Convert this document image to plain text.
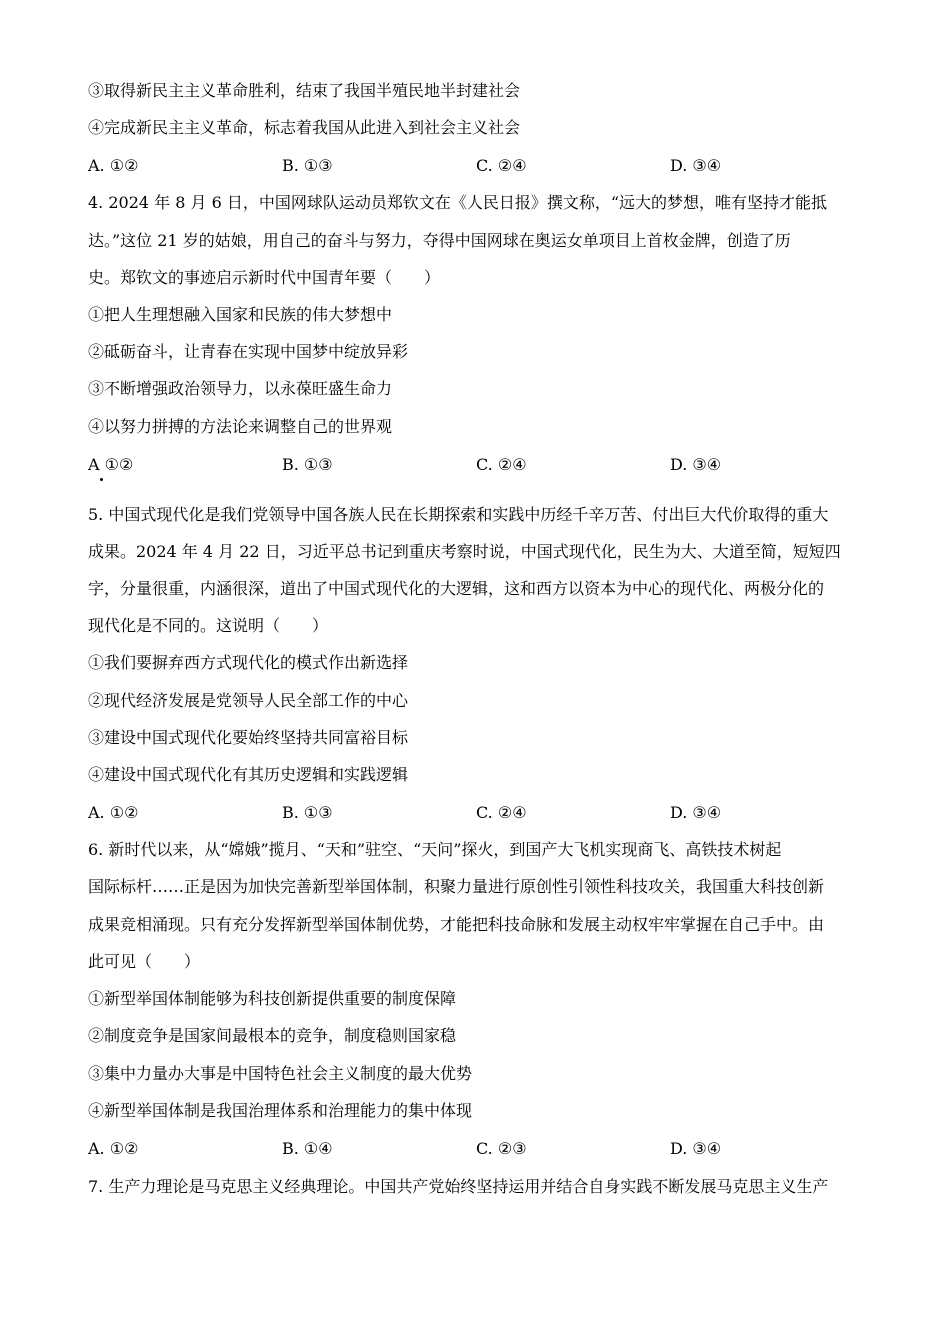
③取得新民主主义革命胜利，结束了我国半殖民地半封建社会
④完成新民主主义革命，标志着我国从此进入到社会主义社会
A. ①②	B. ①③	C. ②④	D. ③④
4. 2024 年 8 月 6 日，中国网球队运动员郑钦文在《人民日报》撰文称，“远大的梦想，唯有坚持才能抵
达。”这位 21 岁的姑娘，用自己的奋斗与努力，夺得中国网球在奥运女单项目上首枚金牌，创造了历
史。郑钦文的事迹启示新时代中国青年要（　　）
①把人生理想融入国家和民族的伟大梦想中
②砥砺奋斗，让青春在实现中国梦中绽放异彩
③不断增强政治领导力，以永葆旺盛生命力
④以努力拼搏的方法论来调整自己的世界观
A ①②	B. ①③	C. ②④	D. ③④
5. 中国式现代化是我们党领导中国各族人民在长期探索和实践中历经千辛万苦、付出巨大代价取得的重大
成果。2024 年 4 月 22 日，习近平总书记到重庆考察时说，中国式现代化，民生为大、大道至简，短短四
字，分量很重，内涵很深，道出了中国式现代化的大逻辑，这和西方以资本为中心的现代化、两极分化的
现代化是不同的。这说明（　　）
①我们要摒弃西方式现代化的模式作出新选择
②现代经济发展是党领导人民全部工作的中心
③建设中国式现代化要始终坚持共同富裕目标
④建设中国式现代化有其历史逻辑和实践逻辑
A. ①②	B. ①③	C. ②④	D. ③④
6. 新时代以来，从“嫦娥”揽月、“天和”驻空、“天问”探火，到国产大飞机实现商飞、高铁技术树起
国际标杆……正是因为加快完善新型举国体制，积聚力量进行原创性引领性科技攻关，我国重大科技创新
成果竞相涌现。只有充分发挥新型举国体制优势，才能把科技命脉和发展主动权牢牢掌握在自己手中。由
此可见（　　）
①新型举国体制能够为科技创新提供重要的制度保障
②制度竞争是国家间最根本的竞争，制度稳则国家稳
③集中力量办大事是中国特色社会主义制度的最大优势
④新型举国体制是我国治理体系和治理能力的集中体现
A. ①②	B. ①④	C. ②③	D. ③④
7. 生产力理论是马克思主义经典理论。中国共产党始终坚持运用并结合自身实践不断发展马克思主义生产
